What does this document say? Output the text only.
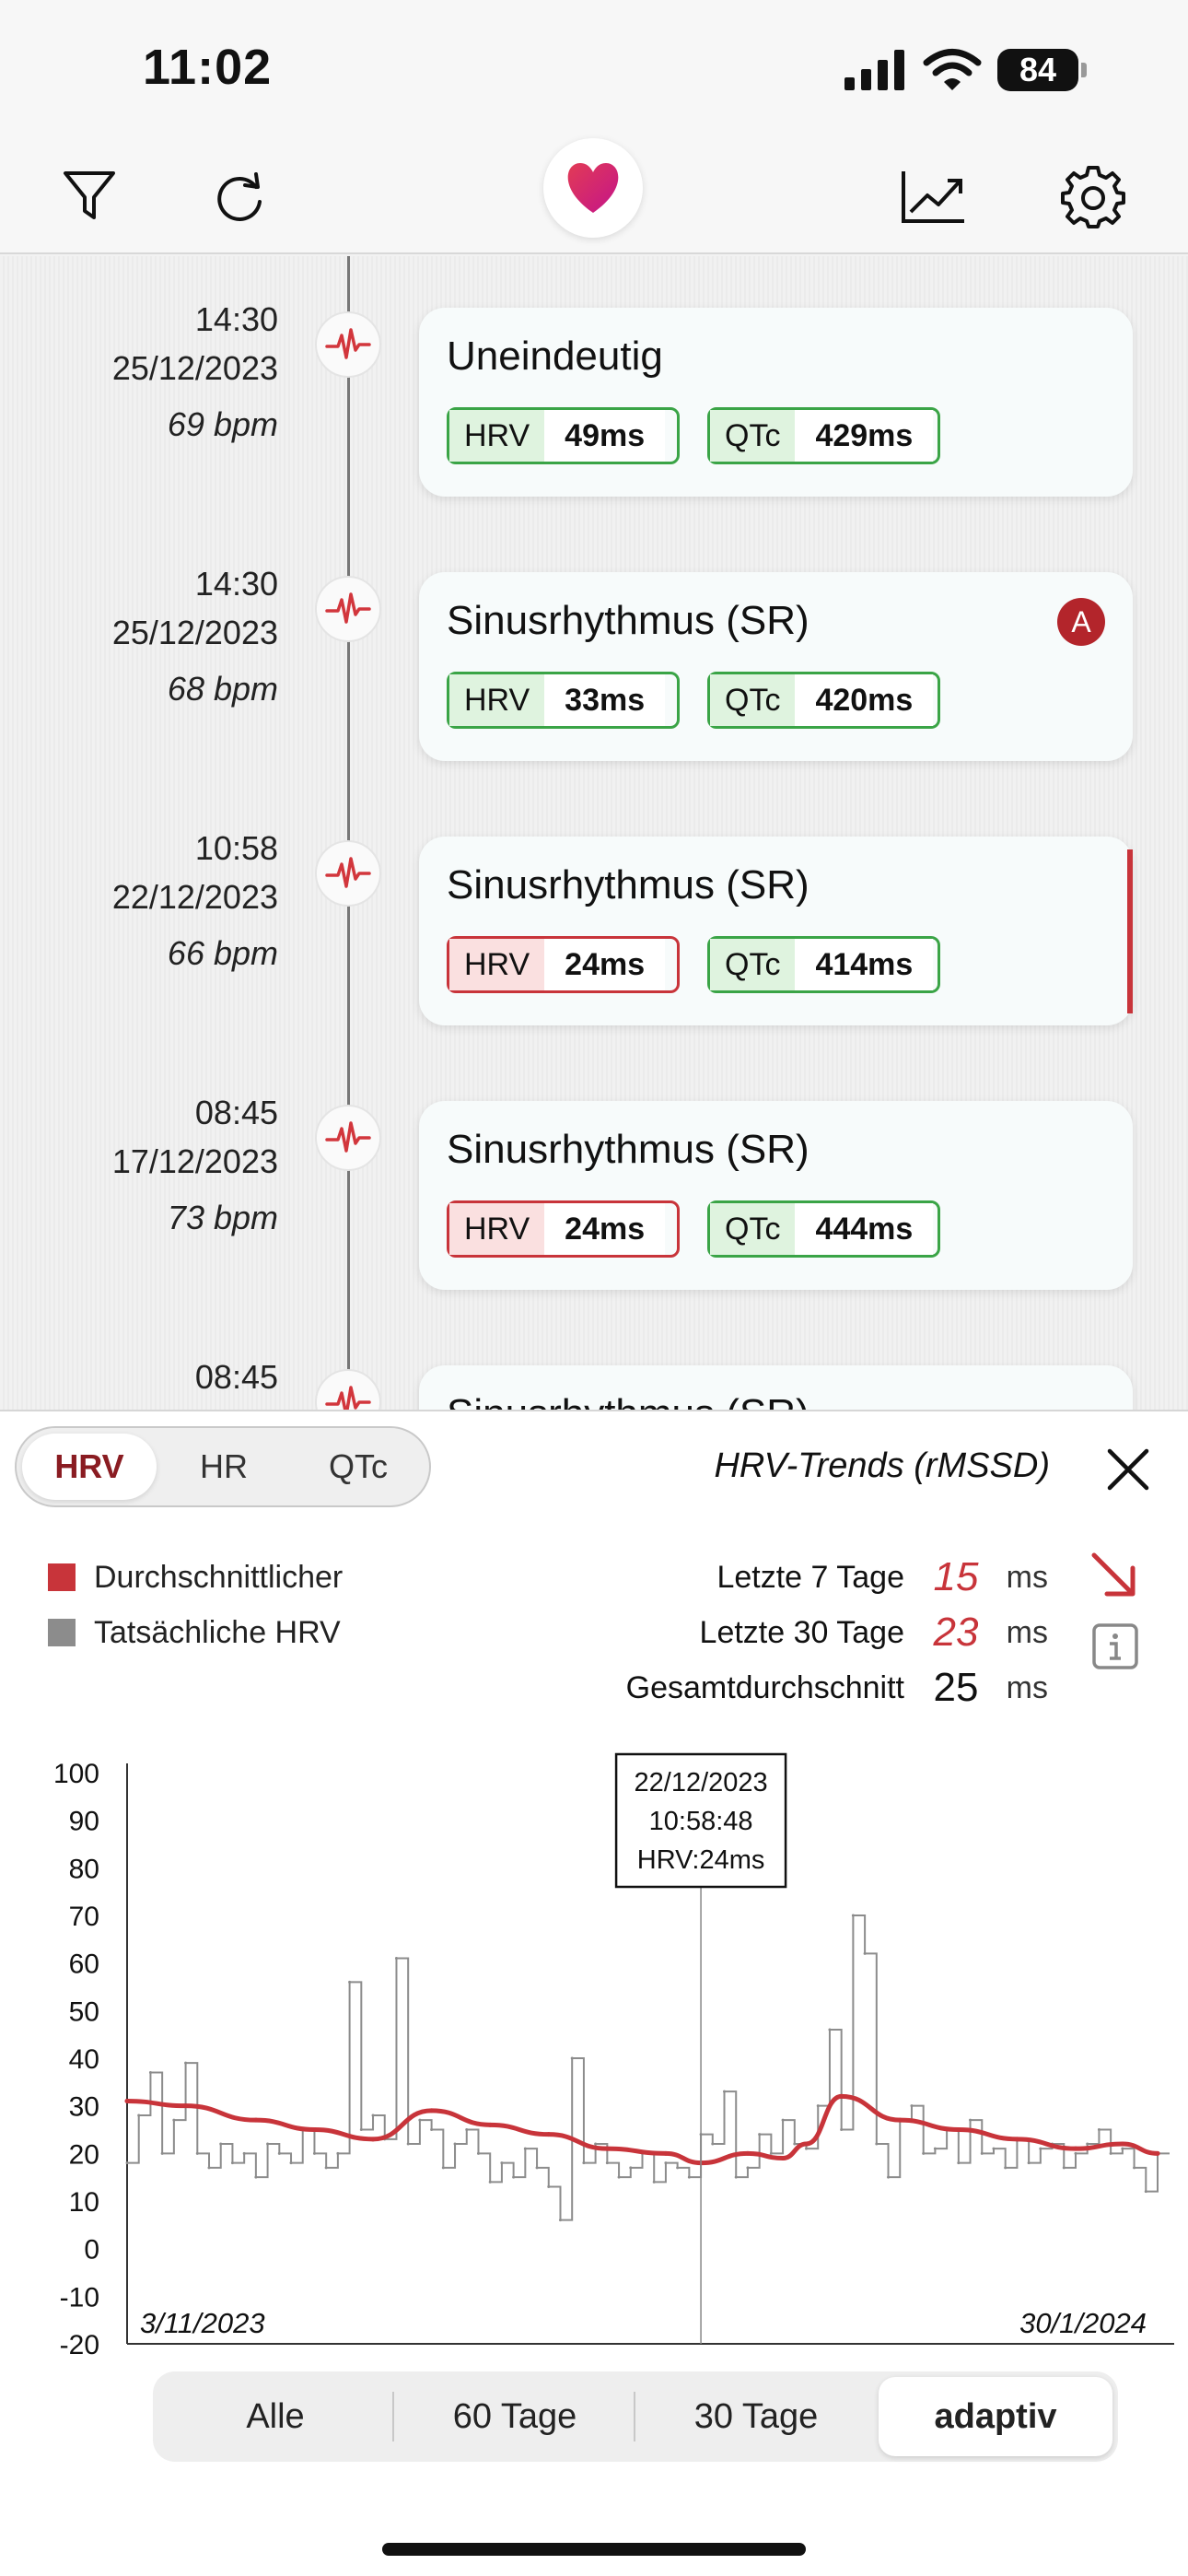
11:02	84
14:30
25/12/2023
69 bpm
Uneindeutig
HRV	49ms	QTc	429ms
14:30
25/12/2023
68 bpm
Sinusrhythmus (SR)	A
HRV	33ms	QTc	420ms
10:58
22/12/2023
66 bpm
Sinusrhythmus (SR)
HRV	24ms	QTc	414ms
08:45
17/12/2023
73 bpm
Sinusrhythmus (SR)
HRV	24ms	QTc	444ms
08:45
HRV	HR	QTc	HRV-Trends (rMSSD)
Durchschnittlicher
Tatsächliche HRV
Letzte 7 Tage 15 ms
Letzte 30 Tage 23 ms
Gesamtdurchschnitt 25 ms
100
90
80
70
60
50
40
30
20
10
0
-10
-20
22/12/2023
10:58:48
HRV:24ms
3/11/2023	30/1/2024
Alle	60 Tage	30 Tage	adaptiv
